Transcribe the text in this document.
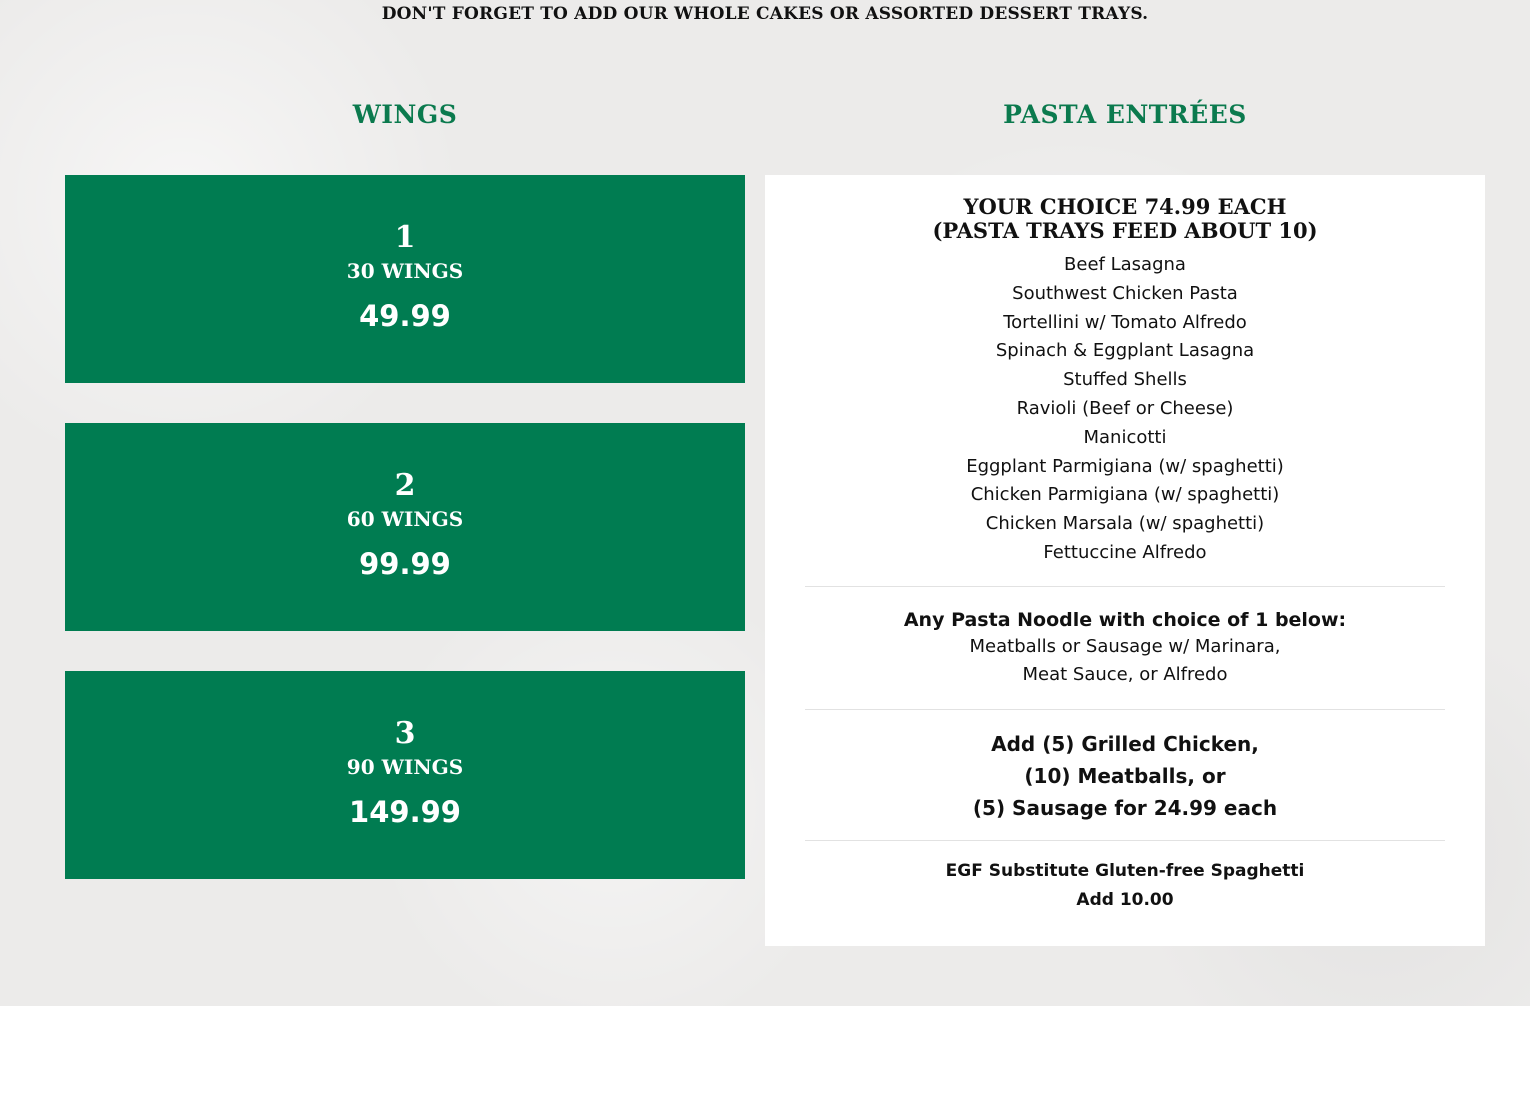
DON'T FORGET TO ADD OUR WHOLE CAKES OR ASSORTED DESSERT TRAYS.
WINGS	PASTA ENTRÉES
1
30 WINGS
49.99
2
60 WINGS
99.99
3
90 WINGS
149.99
YOUR CHOICE 74.99 EACH
(PASTA TRAYS FEED ABOUT 10)
Beef Lasagna
Southwest Chicken Pasta
Tortellini w/ Tomato Alfredo
Spinach & Eggplant Lasagna
Stuffed Shells
Ravioli (Beef or Cheese)
Manicotti
Eggplant Parmigiana (w/ spaghetti)
Chicken Parmigiana (w/ spaghetti)
Chicken Marsala (w/ spaghetti)
Fettuccine Alfredo
Any Pasta Noodle with choice of 1 below:
Meatballs or Sausage w/ Marinara,
Meat Sauce, or Alfredo
Add (5) Grilled Chicken,
(10) Meatballs, or
(5) Sausage for 24.99 each
EGF Substitute Gluten-free Spaghetti
Add 10.00
